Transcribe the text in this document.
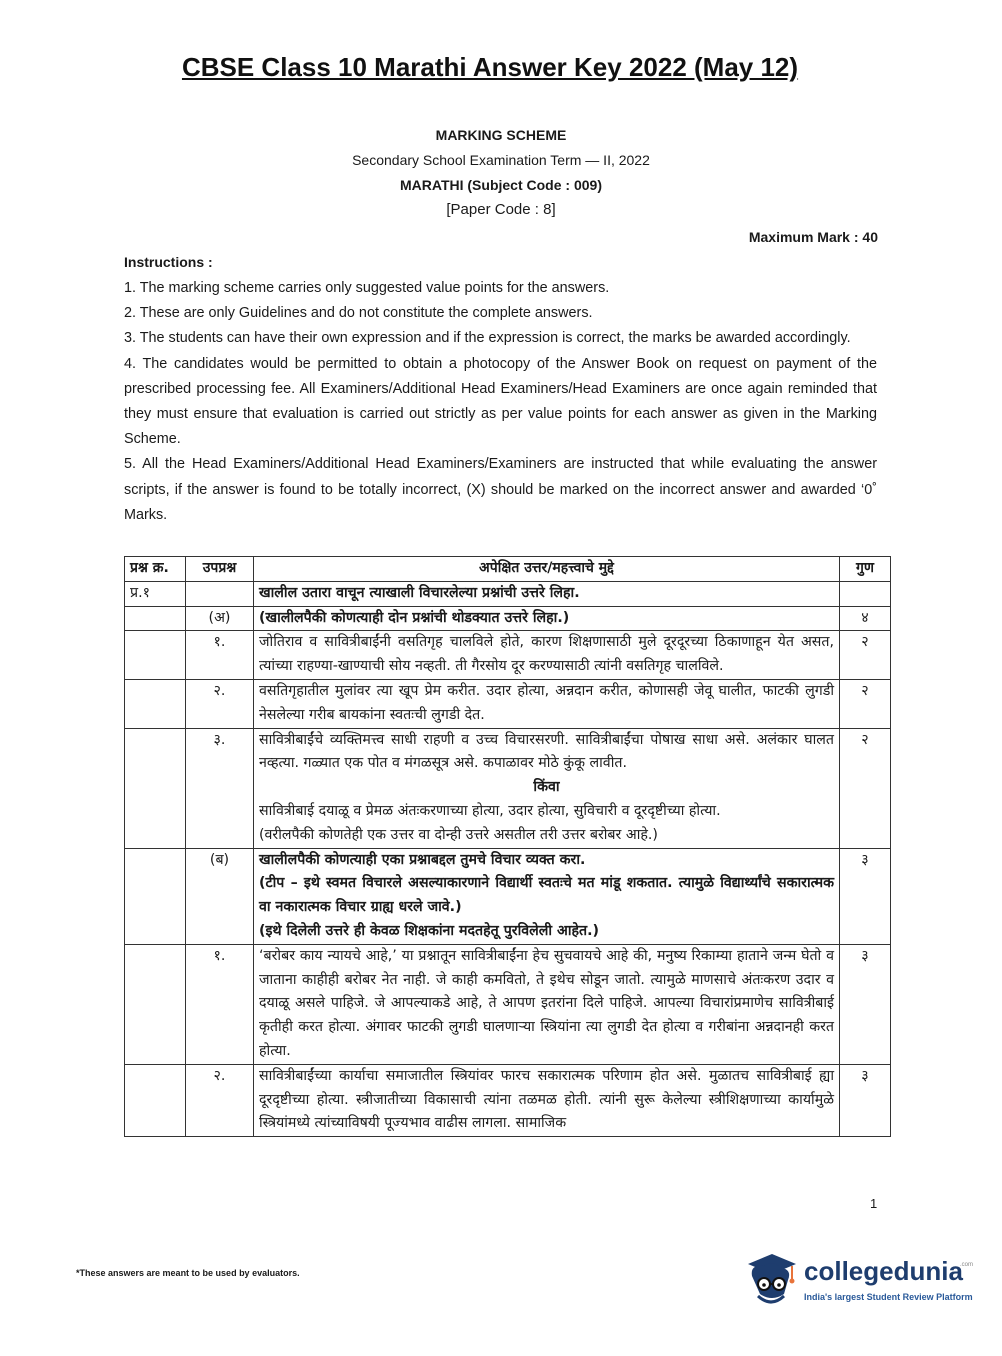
CBSE Class 10 Marathi Answer Key 2022 (May 12)
MARKING SCHEME
Secondary School Examination Term — II, 2022
MARATHI (Subject Code : 009)
[Paper Code : 8]
Maximum Mark : 40
Instructions :

1. The marking scheme carries only suggested value points for the answers.

2. These are only Guidelines and do not constitute the complete answers.

3. The students can have their own expression and if the expression is correct, the marks be awarded accordingly.

4. The candidates would be permitted to obtain a photocopy of the Answer Book on request on payment of the prescribed processing fee. All Examiners/Additional Head Examiners/Head Examiners are once again reminded that they must ensure that evaluation is carried out strictly as per value points for each answer as given in the Marking Scheme.

5. All the Head Examiners/Additional Head Examiners/Examiners are instructed that while evaluating the answer scripts, if the answer is found to be totally incorrect, (X) should be marked on the incorrect answer and awarded ‘0˚ Marks.

प्रश्न क्र.	उपप्रश्न	अपेक्षित उत्तर/महत्त्वाचे मुद्दे	गुण
प्र.१		खालील उतारा वाचून त्याखाली विचारलेल्या प्रश्नांची उत्तरे लिहा.	
	(अ)	(खालीलपैकी कोणत्याही दोन प्रश्नांची थोडक्यात उत्तरे लिहा.)	४
	१.	जोतिराव व सावित्रीबाईंनी वसतिगृह चालविले होते, कारण शिक्षणासाठी मुले दूरदूरच्या ठिकाणाहून येत असत, त्यांच्या राहण्या-खाण्याची सोय नव्हती. ती गैरसोय दूर करण्यासाठी त्यांनी वसतिगृह चालविले.	२
	२.	वसतिगृहातील मुलांवर त्या खूप प्रेम करीत. उदार होत्या, अन्नदान करीत, कोणासही जेवू घालीत, फाटकी लुगडी नेसलेल्या गरीब बायकांना स्वतःची लुगडी देत.	२
	३.	सावित्रीबाईंचे व्यक्तिमत्त्व साधी राहणी व उच्च विचारसरणी. सावित्रीबाईंचा पोषाख साधा असे. अलंकार घालत नव्हत्या. गळ्यात एक पोत व मंगळसूत्र असे. कपाळावर मोठे कुंकू लावीत.
किंवा
सावित्रीबाई दयाळू व प्रेमळ अंतःकरणाच्या होत्या, उदार होत्या, सुविचारी व दूरदृष्टीच्या होत्या.
(वरीलपैकी कोणतेही एक उत्तर वा दोन्ही उत्तरे असतील तरी उत्तर बरोबर आहे.)	२
	(ब)	खालीलपैकी कोणत्याही एका प्रश्नाबद्दल तुमचे विचार व्यक्त करा.
(टीप – इथे स्वमत विचारले असल्याकारणाने विद्यार्थी स्वतःचे मत मांडू शकतात. त्यामुळे विद्यार्थ्यांचे सकारात्मक वा नकारात्मक विचार ग्राह्य धरले जावे.)
(इथे दिलेली उत्तरे ही केवळ शिक्षकांना मदतहेतू पुरविलेली आहेत.)	३
	१.	‘बरोबर काय न्यायचे आहे,’ या प्रश्नातून सावित्रीबाईंना हेच सुचवायचे आहे की, मनुष्य रिकाम्या हाताने जन्म घेतो व जाताना काहीही बरोबर नेत नाही. जे काही कमवितो, ते इथेच सोडून जातो. त्यामुळे माणसाचे अंतःकरण उदार व दयाळू असले पाहिजे. जे आपल्याकडे आहे, ते आपण इतरांना दिले पाहिजे. आपल्या विचारांप्रमाणेच सावित्रीबाई कृतीही करत होत्या. अंगावर फाटकी लुगडी घालणाऱ्या स्त्रियांना त्या लुगडी देत होत्या व गरीबांना अन्नदानही करत होत्या.	३
	२.	सावित्रीबाईंच्या कार्याचा समाजातील स्त्रियांवर फारच सकारात्मक परिणाम होत असे. मुळातच सावित्रीबाई ह्या दूरदृष्टीच्या होत्या. स्त्रीजातीच्या विकासाची त्यांना तळमळ होती. त्यांनी सुरू केलेल्या स्त्रीशिक्षणाच्या कार्यामुळे स्त्रियांमध्ये त्यांच्याविषयी पूज्यभाव वाढीस लागला. सामाजिक	३
1
*These answers are meant to be used by evaluators.	collegedunia
.com
India's largest Student Review Platform
